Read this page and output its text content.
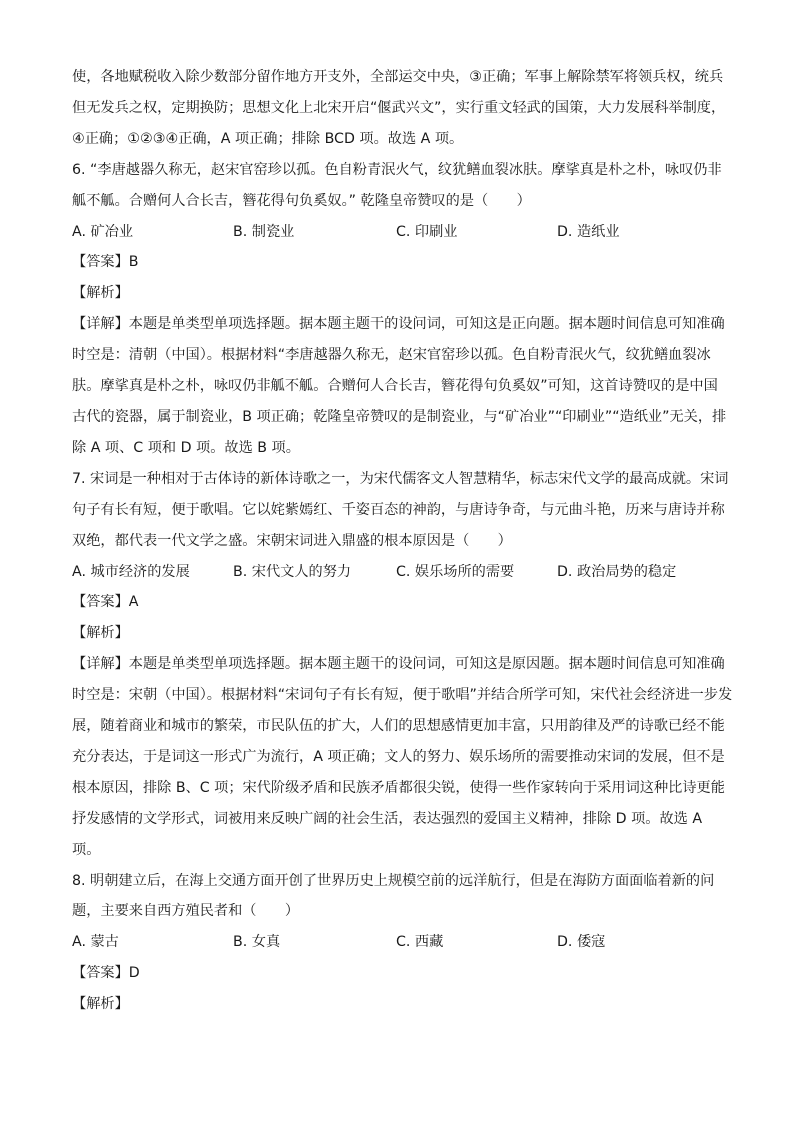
使，各地赋税收入除少数部分留作地方开支外，全部运交中央，③正确；军事上解除禁军将领兵权，统兵
但无发兵之权，定期换防；思想文化上北宋开启“偃武兴文”，实行重文轻武的国策，大力发展科举制度，
④正确；①②③④正确，A 项正确；排除 BCD 项。故选 A 项。
6. “李唐越器久称无，赵宋官窑珍以孤。色自粉青泯火气，纹犹鳝血裂冰肤。摩挲真是朴之朴，咏叹仍非
觚不觚。合赠何人合长吉，簪花得句负奚奴。” 乾隆皇帝赞叹的是（　　）
A. 矿冶业	B. 制瓷业	C. 印刷业	D. 造纸业
【答案】B
【解析】
【详解】本题是单类型单项选择题。据本题主题干的设问词，可知这是正向题。据本题时间信息可知准确
时空是：清朝（中国）。根据材料“李唐越器久称无，赵宋官窑珍以孤。色自粉青泯火气，纹犹鳝血裂冰
肤。摩挲真是朴之朴，咏叹仍非觚不觚。合赠何人合长吉，簪花得句负奚奴”可知，这首诗赞叹的是中国
古代的瓷器，属于制瓷业，B 项正确；乾隆皇帝赞叹的是制瓷业，与“矿冶业”“印刷业”“造纸业”无关，排
除 A 项、C 项和 D 项。故选 B 项。
7. 宋词是一种相对于古体诗的新体诗歌之一，为宋代儒客文人智慧精华，标志宋代文学的最高成就。宋词
句子有长有短，便于歌唱。它以姹紫嫣红、千姿百态的神韵，与唐诗争奇，与元曲斗艳，历来与唐诗并称
双绝，都代表一代文学之盛。宋朝宋词进入鼎盛的根本原因是（　　）
A. 城市经济的发展	B. 宋代文人的努力	C. 娱乐场所的需要	D. 政治局势的稳定
【答案】A
【解析】
【详解】本题是单类型单项选择题。据本题主题干的设问词，可知这是原因题。据本题时间信息可知准确
时空是：宋朝（中国）。根据材料“宋词句子有长有短，便于歌唱”并结合所学可知，宋代社会经济进一步发
展，随着商业和城市的繁荣，市民队伍的扩大，人们的思想感情更加丰富，只用韵律及严的诗歌已经不能
充分表达，于是词这一形式广为流行，A 项正确；文人的努力、娱乐场所的需要推动宋词的发展，但不是
根本原因，排除 B、C 项；宋代阶级矛盾和民族矛盾都很尖锐，使得一些作家转向于采用词这种比诗更能
抒发感情的文学形式，词被用来反映广阔的社会生活，表达强烈的爱国主义精神，排除 D 项。故选 A
项。
8. 明朝建立后，在海上交通方面开创了世界历史上规模空前的远洋航行，但是在海防方面面临着新的问
题，主要来自西方殖民者和（　　）
A. 蒙古	B. 女真	C. 西藏	D. 倭寇
【答案】D
【解析】
